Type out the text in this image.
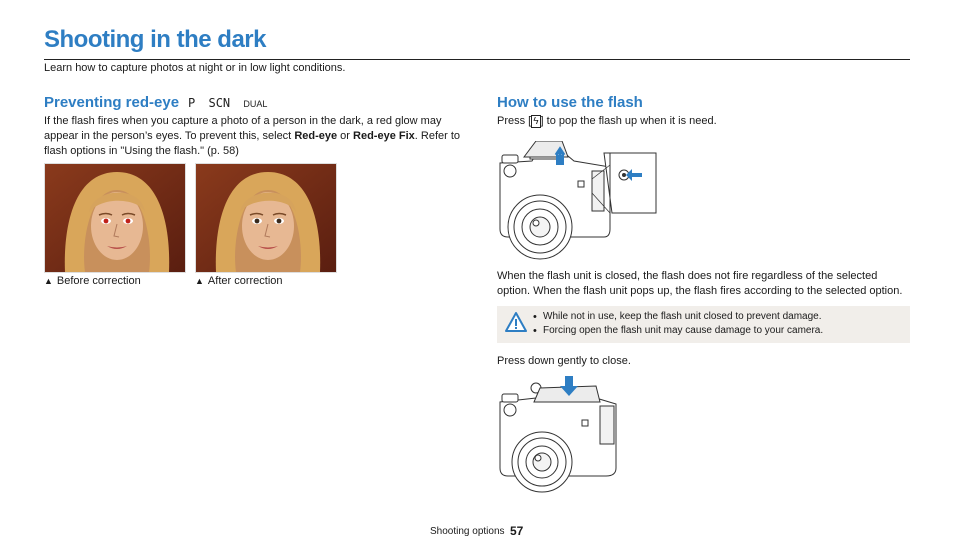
Shooting in the dark
Learn how to capture photos at night or in low light conditions.
Preventing red-eye P SCN DUAL
If the flash fires when you capture a photo of a person in the dark, a red glow may
appear in the person’s eyes. To prevent this, select Red-eye or Red-eye Fix. Refer to
flash options in "Using the flash." (p. 58)
▲ Before correction	▲ After correction
How to use the flash
Press [ ϟ ] to pop the flash up when it is need.
When the flash unit is closed, the flash does not fire regardless of the selected
option. When the flash unit pops up, the flash fires according to the selected option.
• While not in use, keep the flash unit closed to prevent damage.
• Forcing open the flash unit may cause damage to your camera.
Press down gently to close.
Shooting options 57
